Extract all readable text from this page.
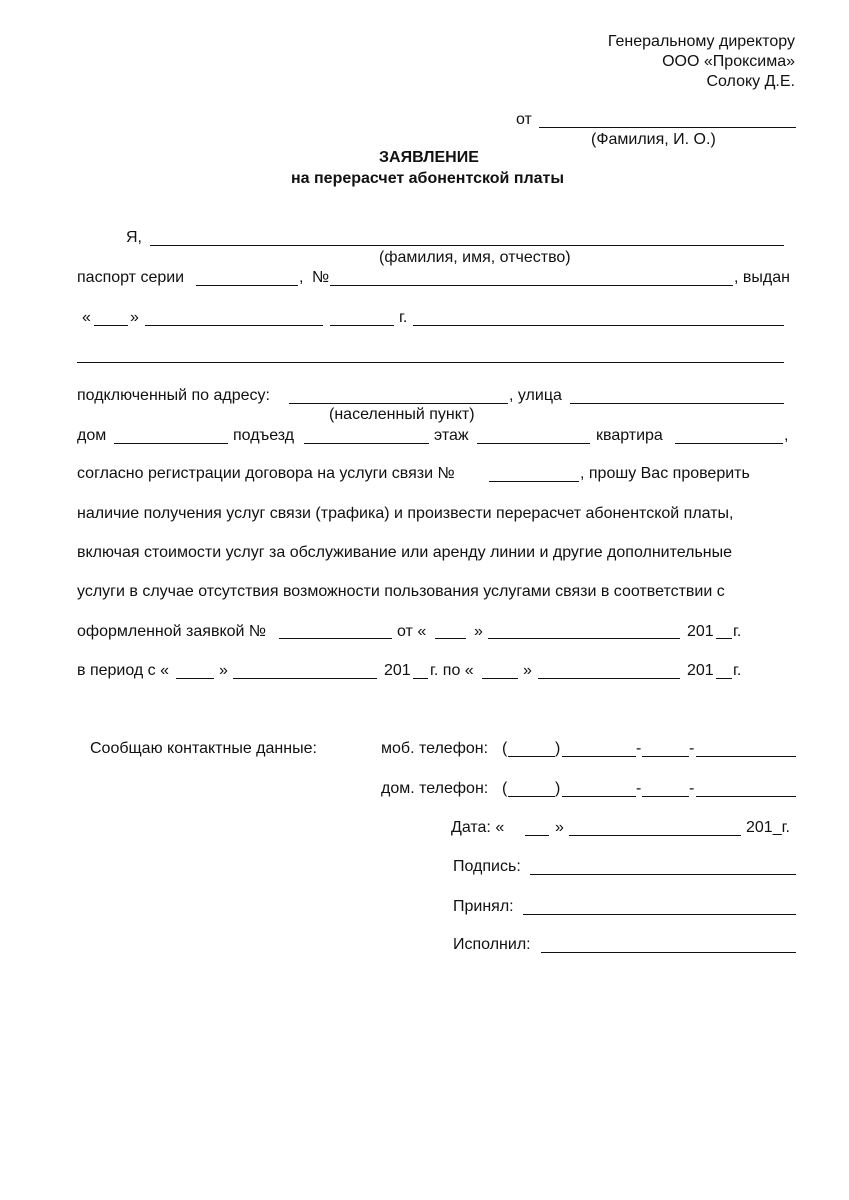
Генеральному директору
ООО «Проксима»
Солоку Д.Е.
от
(Фамилия, И. О.)
ЗАЯВЛЕНИЕ
на перерасчет абонентской платы
Я,
(фамилия, имя, отчество)
паспорт серии	, №	, выдан
« »	г.
подключенный по адресу:	, улица
(населенный пункт)
дом	подъезд	этаж	квартира	,
согласно регистрации договора на услуги связи №	, прошу Вас проверить
наличие получения услуг связи (трафика) и произвести перерасчет абонентской платы,
включая стоимости услуг за обслуживание или аренду линии и другие дополнительные
услуги в случае отсутствия возможности пользования услугами связи в соответствии с
оформленной заявкой №	от «	»	201 г.
в период с «	»	201 г. по «	»	201 г.
Сообщаю контактные данные:	моб. телефон: (	)	-	-
дом. телефон: (	)	-	-
Дата: «	»	201_г.
Подпись:
Принял:
Исполнил:
